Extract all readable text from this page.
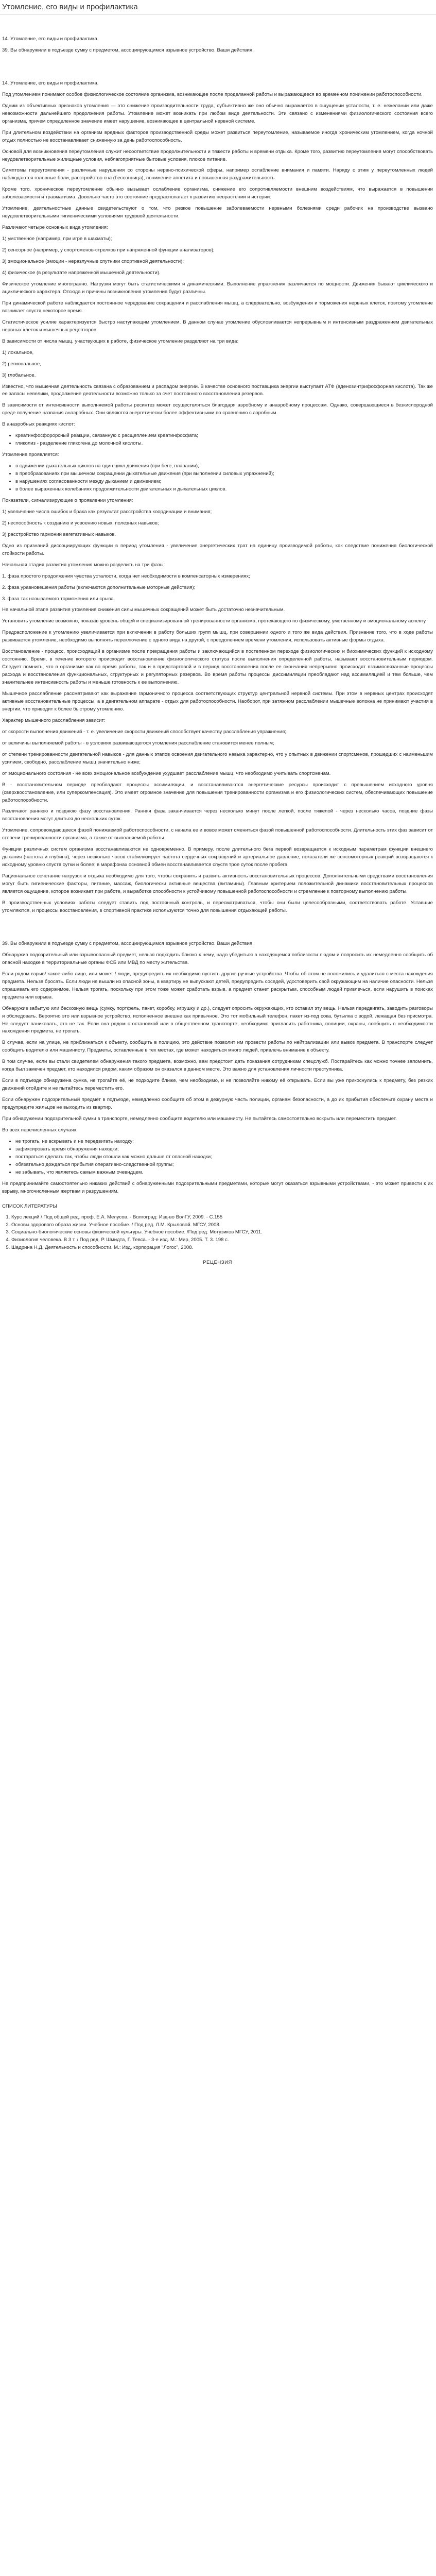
Утомление, его виды и профилактика

14. Утомление, его виды и профилактика.

39. Вы обнаружили в подъезде сумку с предметом, ассоциирующимся взрывное устройство. Ваши действия.

14. Утомление, его виды и профилактика.

Под утомлением понимают особое физиологическое состояние организма, возникающее после проделанной работы и выражающееся во временном понижении работоспособности.

Одним из объективных признаков утомления — это снижение производительности труда, субъективно же оно обычно выражается в ощущении усталости, т. е. нежелании или даже невозможности дальнейшего продолжения работы. Утомление может возникать при любом виде деятельности. Эти связано с изменениями физиологического состояния всего организма, причем определенное значение имеет нарушение, возникающее в центральной нервной системе.

При длительном воздействии на организм вредных факторов производственной среды может развиться переутомление, называемое иногда хроническим утомлением, когда ночной отдых полностью не восстанавливает сниженную за день работоспособность.

Основой для возникновения переутомления служит несоответствие продолжительности и тяжести работы и времени отдыха. Кроме того, развитию переутомления могут способствовать неудовлетворительные жилищные условия, неблагоприятные бытовые условия, плохое питание.

Симптомы переутомления - различные нарушения со стороны нервно-психической сферы, например ослабление внимания и памяти. Наряду с этим у переутомленных людей наблюдаются головные боли, расстройство сна (бессонница), понижение аппетита и повышенная раздражительность.

Кроме того, хроническое переутомление обычно вызывает ослабление организма, снижение его сопротивляемости внешним воздействиям, что выражается в повышении заболеваемости и травматизма. Довольно часто это состояние предрасполагает к развитию неврастении и истерии.

Утомление, деятельностные данные свидетельствуют о том, что резкое повышение заболеваемости нервными болезнями среди рабочих на производстве вызвано неудовлетворительными гигиеническими условиями трудовой деятельности.

Различают четыре основных вида утомления:

1) умственное (например, при игре в шахматы);

2) сенсорное (например, у спортсменов-стрелков при напряженной функции анализаторов);

3) эмоциональное (эмоции - неразлучные спутники спортивной деятельности);

4) физическое (в результате напряженной мышечной деятельности).

Физическое утомление многогранно. Нагрузки могут быть статистическими и динамическими. Выполнение упражнения различается по мощности. Движения бывают циклического и ациклического характера. Отсюда и причины возникновения утомления будут различны.

При динамической работе наблюдается постоянное чередование сокращения и расслабления мышц, а следовательно, возбуждения и торможения нервных клеток, поэтому утомление возникает спустя некоторое время.

Статистическое усилие характеризуется быстро наступающим утомлением. В данном случае утомление обусловливается непрерывным и интенсивным раздражением двигательных нервных клеток и мышечных рецепторов.

В зависимости от числа мышц, участвующих в работе, физическое утомление разделяют на три вида:

1) локальное,

2) региональное,

3) глобальное.

Известно, что мышечная деятельность связана с образованием и распадом энергии. В качестве основного поставщика энергии выступает АТФ (аденозинтрифосфорная кислота). Так же ее запасы невелики, продолжение деятельности возможно только за счет постоянного восстановления резервов.

В зависимости от интенсивности выполняемой работы ресинтез может осуществляться благодаря аэробному и анаэробному процессам. Однако, совершающиеся в безкислородной среде получение названия анаэробных. Они являются энергетически более эффективными по сравнению с аэробным.

В анаэробных реакциях кислот:

• креатинфосфорорсный реакции, связанную с расщеплением креатинфосфата;
• гликолиз - разделение гликогена до молочной кислоты.

Утомление проявляется:

• в сдвижении дыхательных циклов на один цикл движения (при беге, плавании);
• в преобразованиях при мышечном сокращении дыхательные движения (при выполнении силовых упражнений);
• в нарушениях согласованности между дыханием и движением;
• в более выраженных колебаниях продолжительности двигательных и дыхательных циклов.

Показатели, сигнализирующие о проявлении утомления:

1) увеличение числа ошибок и брака как результат расстройства координации и внимания;

2) неспособность к созданию и усвоению новых, полезных навыков;

3) расстройство гармонии вегетативных навыков.

Одно из признаний диссоциирующих функции в период утомления - увеличение энергетических трат на единицу производимой работы, как следствие понижения биологической стойкости работы.

Начальная стадия развития утомления можно разделить на три фазы:

1. фаза простого продолжения чувства усталости, когда нет необходимости в компенсаторных измерениях;

2. фаза уравновешения работы (включаются дополнительные моторные действия);

3. фаза так называемого торможения или срыва.

Не начальной этапе развития утомления снижения силы мышечных сокращений может быть достаточно незначительным.

Установить утомление возможно, показав уровень общей и специализированной тренированности организма, протекающего по физическому, умственному и эмоциональному аспекту.

Предрасположение к утомлению увеличивается при включении в работу больших групп мышц, при совершении одного и того же вида действия. Признание того, что в ходе работы развивается утомление, необходимо выполнять переключение с одного вида на другой, с преодолением времени утомления, использовать активные формы отдыха.

Восстановление - процесс, происходящий в организме после прекращения работы и заключающийся в постепенном переходе физиологических и биохимических функций к исходному состоянию. Время, в течение которого происходит восстановление физиологического статуса после выполнения определенной работы, называют восстановительным периодом. Следует помнить, что в организме как во время работы, так и в предстартовой и в период восстановления после ее окончания непрерывно происходят взаимосвязанные процессы расхода и восстановления функциональных, структурных и регуляторных резервов. Во время работы процессы диссимиляции преобладают над ассимиляцией и тем больше, чем значительнее интенсивность работы и меньше готовность к ее выполнению.

Мышечное расслабление рассматривают как выражение гармоничного процесса соответствующих структур центральной нервной системы. При этом в нервных центрах происходят активные восстановительные процессы, а в двигательном аппарате - отдых для работоспособности. Наоборот, при затяжном расслаблении мышечные волокна не принимают участия в энергии, что приводит к более быстрому утомлению.

Характер мышечного расслабления зависит:

от скорости выполнения движений - т. е. увеличение скорости движений способствует качеству расслабления упражнения;

от величины выполняемой работы - в условиях развивающегося утомления расслабление становится менее полным;

от степени тренированности двигательной навыков - для данных этапов освоения двигательного навыка характерно, что у опытных в движении спортсменов, прошедших с наименьшим усилием, свободно, расслабление мышц значительно ниже;

от эмоционального состояния - не всех эмоциональное возбуждение ухудшает расслабление мышц, что необходимо учитывать спортсменам.

В - восстановительном периоде преобладают процессы ассимиляции, и восстанавливаются энергетические ресурсы происходит с превышением исходного уровня (сверхвосстановление, или суперкомпенсация). Это имеет огромное значение для повышения тренированности организма и его физиологических систем, обеспечивающих повышение работоспособности.

Различают раннюю и позднюю фазу восстановления. Ранняя фаза заканчивается через несколько минут после легкой, после тяжелой - через несколько часов, поздние фазы восстановления могут длиться до нескольких суток.

Утомление, сопровождающееся фазой понижаемой работоспособности, с начала ее и вовсе может смениться фазой повышенной работоспособности. Длительность этих фаз зависит от степени тренированности организма, а также от выполняемой работы.

Функции различных систем организма восстанавливаются не одновременно. В примеру, после длительного бега первой возвращается к исходным параметрам функции внешнего дыхания (частота и глубина); через несколько часов стабилизирует частота сердечных сокращений и артериальное давление; показатели же сенсомоторных реакций возвращаются к исходному уровню спустя сутки и более; в марафонах основной обмен восстанавливается спустя трое суток после пробега.

Рациональное сочетание нагрузок и отдыха необходимо для того, чтобы сохранить и развить активность восстановительных процессов. Дополнительными средствами восстановления могут быть гигиенические факторы, питание, массаж, биологически активные вещества (витамины). Главным критерием положительной динамики восстановительных процессов является ощущение, которое возникает при работе, и выработке способности к устойчивому повышенной работоспособности и стремление к повторному выполнению работы.

В производственных условиях работы следует ставить под постоянный контроль, и пересматриваться, чтобы они были целесообразными, соответствовать работе. Уставшие утомляются, и процессы восстановления, в спортивной практике используются точно для повышения отдыхающей работы.

39. Вы обнаружили в подъезде сумку с предметом, ассоциирующимся взрывное устройство. Ваши действия.

Обнаружив подозрительный или взрывоопасный предмет, нельзя подходить близко к нему, надо убедиться в находящемся поблизости людям и попросить их немедленно сообщить об опасной находке в территориальные органы ФСБ или МВД по месту жительства.

Если рядом взрыв/ какое-либо лицо, или может / люди, предупредить их необходимо пустить другие ручные устройства. Чтобы об этом не положились и удалиться с места нахождения предмета. Нельзя бросать. Если люди не вышли из опасной зоны, в квартиру не выпускают детей, предупредить соседей, удостоверить свой окружающим на наличие опасности. Нельзя спрашивать его содержимое. Нельзя трогать, поскольку при этом тоже может сработать взрыв, а предмет станет раскрытым, способным людей привлечься, если нарушить в поисках предмета или взрыва.

Обнаружив забытую или бесхозную вещь (сумку, портфель, пакет, коробку, игрушку и др.), следует опросить окружающих, кто оставил эту вещь. Нельзя передвигать, заводить разговоры и обследовать. Вероятно это или взрывное устройство, исполненное внешне как привычное. Это тот мобильный телефон, пакет из-под сока, бутылка с водой, лежащая без присмотра. Не следует паниковать, это не так. Если она рядом с остановкой или в общественном транспорте, необходимо пригласить работника, полиции, охраны, сообщить о необходимости нахождения предмета, не трогать.

В случае, если на улице, не приближаться к объекту, сообщить в полицию, это действие позволит им провести работы по нейтрализации или вывоз предмета. В транспорте следует сообщить водителю или машинисту. Предметы, оставленные в тех местах, где может находиться много людей, привлечь внимание к объекту.

В том случае, если вы стали свидетелем обнаружения такого предмета, возможно, вам предстоит дать показания сотрудникам спецслужб. Постарайтесь как можно точнее запомнить, когда был замечен предмет, кто находился рядом, каким образом он оказался в данном месте. Это важно для установления личности преступника.

Если в подъезде обнаружена сумка, не трогайте её, не подходите ближе, чем необходимо, и не позволяйте никому её открывать. Если вы уже прикоснулись к предмету, без резких движений отойдите и не пытайтесь переместить его.

Если обнаружен подозрительный предмет в подъезде, немедленно сообщите об этом в дежурную часть полиции, органам безопасности, а до их прибытия обеспечьте охрану места и предупредите жильцов не выходить из квартир.

При обнаружении подозрительной сумки в транспорте, немедленно сообщите водителю или машинисту. Не пытайтесь самостоятельно вскрыть или переместить предмет.

Во всех перечисленных случаях:

• не трогать, не вскрывать и не передвигать находку;
• зафиксировать время обнаружения находки;
• постараться сделать так, чтобы люди отошли как можно дальше от опасной находки;
• обязательно дождаться прибытия оперативно-следственной группы;
• не забывать, что являетесь самым важным очевидцем.

Не предпринимайте самостоятельно никаких действий с обнаруженными подозрительными предметами, которые могут оказаться взрывными устройствами, - это может привести к их взрыву, многочисленным жертвам и разрушениям.

СПИСОК ЛИТЕРАТУРЫ

1. Курс лекций / Под общей ред. проф. Е.А. Мелусов. - Волгоград: Изд-во ВолГУ, 2009. - С.155
2. Основы здорового образа жизни. Учебное пособие. / Под ред. Л.М. Крыловой. МГСУ, 2008.
3. Социально-биологические основы физической культуры. Учебное пособие. /Под ред. Мотузиков МГСУ, 2011.
4. Физиология человека. В 3 т. / Под ред. Р. Шмидта, Г. Тевса. - 3-е изд. М.: Мир, 2005. Т. 3. 198 с.
5. Шадрина Н.Д. Деятельность и способности. М.: Изд. корпорация "Логос", 2008.

РЕЦЕНЗИЯ
